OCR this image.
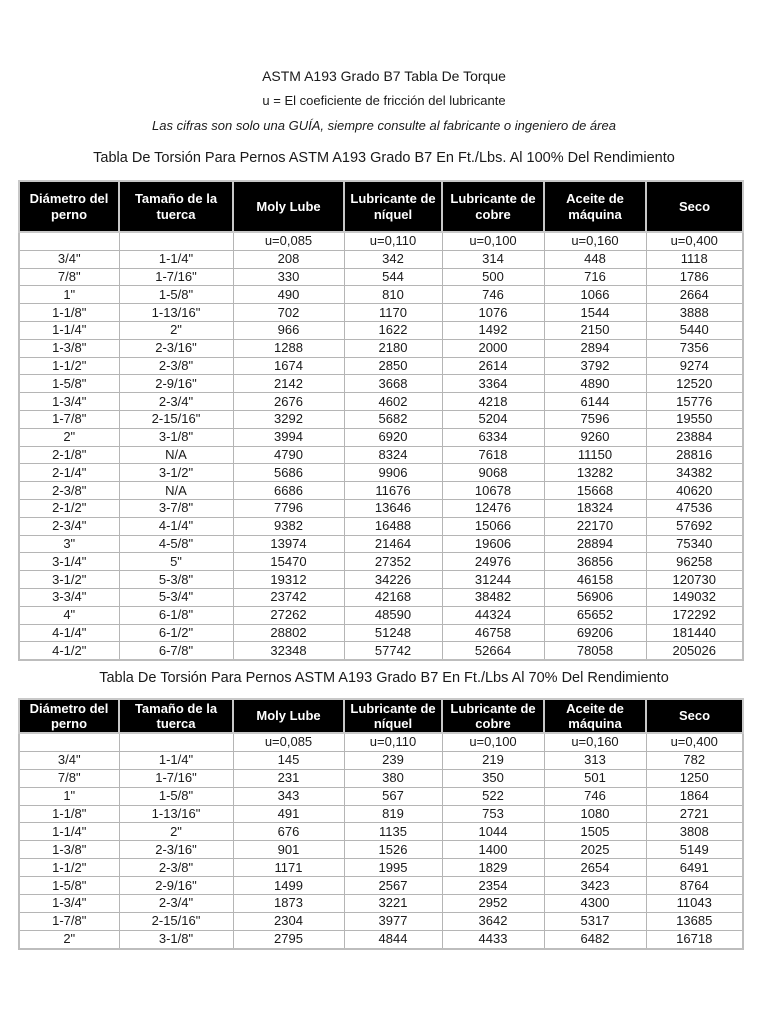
ASTM A193 Grado B7 Tabla De Torque
u = El coeficiente de fricción del lubricante
Las cifras son solo una GUÍA, siempre consulte al fabricante o ingeniero de área
Tabla De Torsión Para Pernos ASTM A193 Grado B7 En Ft./Lbs. Al 100% Del Rendimiento
Diámetro del perno	Tamaño de la tuerca	Moly Lube	Lubricante de níquel	Lubricante de cobre	Aceite de máquina	Seco
		u=0,085	u=0,110	u=0,100	u=0,160	u=0,400
3/4"	1-1/4"	208	342	314	448	1118
7/8"	1-7/16"	330	544	500	716	1786
1"	1-5/8"	490	810	746	1066	2664
1-1/8"	1-13/16"	702	1170	1076	1544	3888
1-1/4"	2"	966	1622	1492	2150	5440
1-3/8"	2-3/16"	1288	2180	2000	2894	7356
1-1/2"	2-3/8"	1674	2850	2614	3792	9274
1-5/8"	2-9/16"	2142	3668	3364	4890	12520
1-3/4"	2-3/4"	2676	4602	4218	6144	15776
1-7/8"	2-15/16"	3292	5682	5204	7596	19550
2"	3-1/8"	3994	6920	6334	9260	23884
2-1/8"	N/A	4790	8324	7618	11150	28816
2-1/4"	3-1/2"	5686	9906	9068	13282	34382
2-3/8"	N/A	6686	11676	10678	15668	40620
2-1/2"	3-7/8"	7796	13646	12476	18324	47536
2-3/4"	4-1/4"	9382	16488	15066	22170	57692
3"	4-5/8"	13974	21464	19606	28894	75340
3-1/4"	5"	15470	27352	24976	36856	96258
3-1/2"	5-3/8"	19312	34226	31244	46158	120730
3-3/4"	5-3/4"	23742	42168	38482	56906	149032
4"	6-1/8"	27262	48590	44324	65652	172292
4-1/4"	6-1/2"	28802	51248	46758	69206	181440
4-1/2"	6-7/8"	32348	57742	52664	78058	205026
Tabla De Torsión Para Pernos ASTM A193 Grado B7 En Ft./Lbs Al 70% Del Rendimiento
Diámetro del perno	Tamaño de la tuerca	Moly Lube	Lubricante de níquel	Lubricante de cobre	Aceite de máquina	Seco
		u=0,085	u=0,110	u=0,100	u=0,160	u=0,400
3/4"	1-1/4"	145	239	219	313	782
7/8"	1-7/16"	231	380	350	501	1250
1"	1-5/8"	343	567	522	746	1864
1-1/8"	1-13/16"	491	819	753	1080	2721
1-1/4"	2"	676	1135	1044	1505	3808
1-3/8"	2-3/16"	901	1526	1400	2025	5149
1-1/2"	2-3/8"	1171	1995	1829	2654	6491
1-5/8"	2-9/16"	1499	2567	2354	3423	8764
1-3/4"	2-3/4"	1873	3221	2952	4300	11043
1-7/8"	2-15/16"	2304	3977	3642	5317	13685
2"	3-1/8"	2795	4844	4433	6482	16718
